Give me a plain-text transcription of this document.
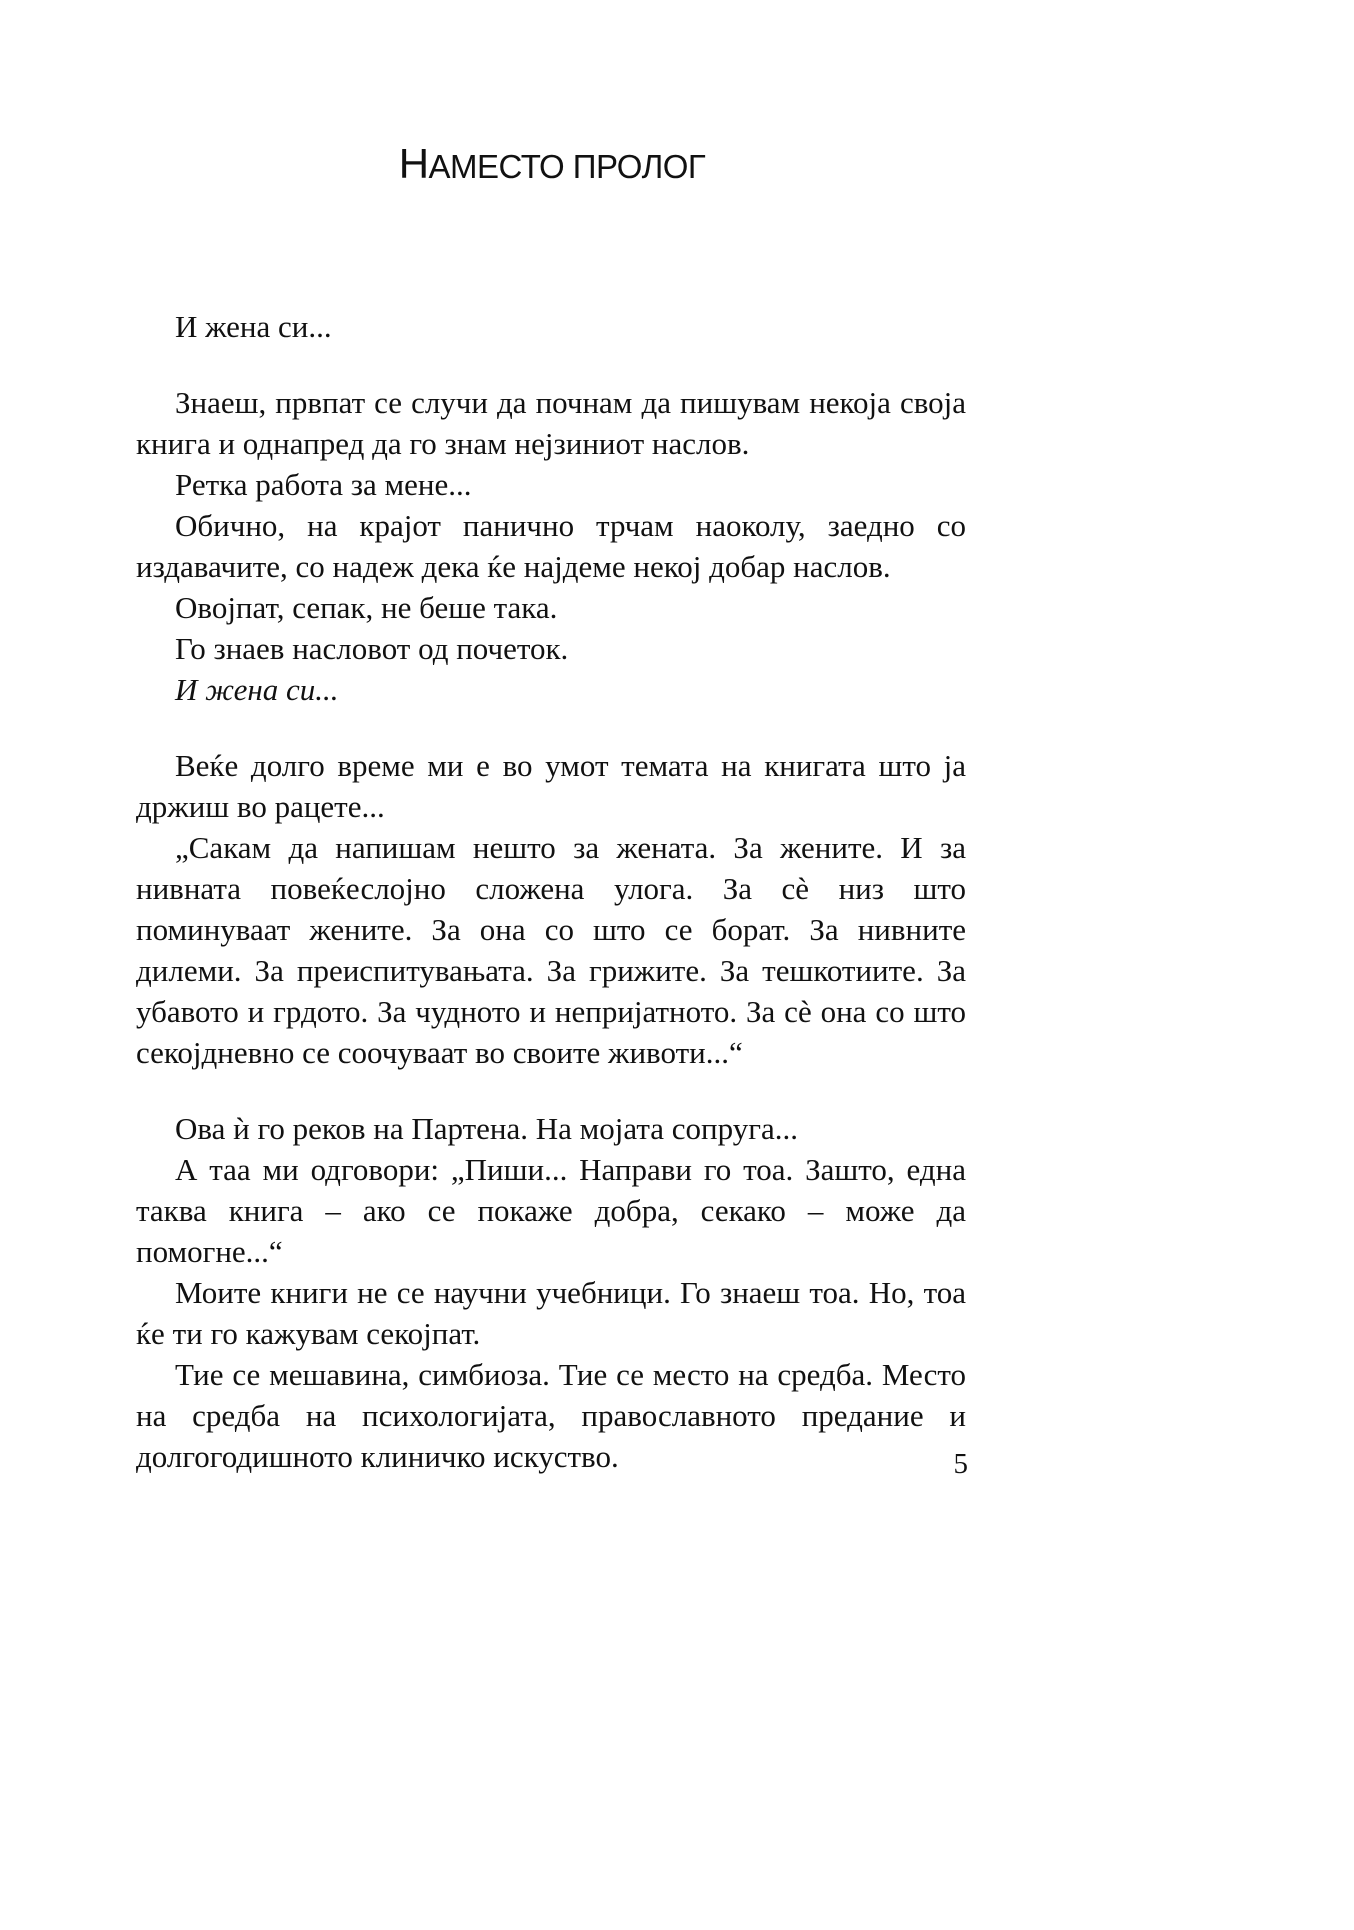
НАМЕСТО ПРОЛОГ

И жена си...

Знаеш, првпат се случи да почнам да пишувам некоја своја книга и однапред да го знам нејзиниот наслов.

Ретка работа за мене...

Обично, на крајот панично трчам наоколу, заедно со издавачите, со надеж дека ќе најдеме некој добар наслов.

Овојпат, сепак, не беше така.

Го знаев насловот од почеток.

И жена си...

Веќе долго време ми е во умот темата на книгата што ја држиш во рацете...

„Сакам да напишам нешто за жената. За жените. И за нивната повеќеслојно сложена улога. За сè низ што поминуваат жените. За она со што се борат. За нивните дилеми. За преиспитувањата. За грижите. За тешкотиите. За убавото и грдото. За чудното и непријатното. За сè она со што секојдневно се соочуваат во своите животи...“

Ова ѝ го реков на Партена. На мојата сопруга...

А таа ми одговори: „Пиши... Направи го тоа. Зашто, една таква книга – ако се покаже добра, секако – може да помогне...“

Моите книги не се научни учебници. Го знаеш тоа. Но, тоа ќе ти го кажувам секојпат.

Тие се мешавина, симбиоза. Тие се место на средба. Место на средба на психологијата, православното предание и долгогодишното клиничко искуство.	5
